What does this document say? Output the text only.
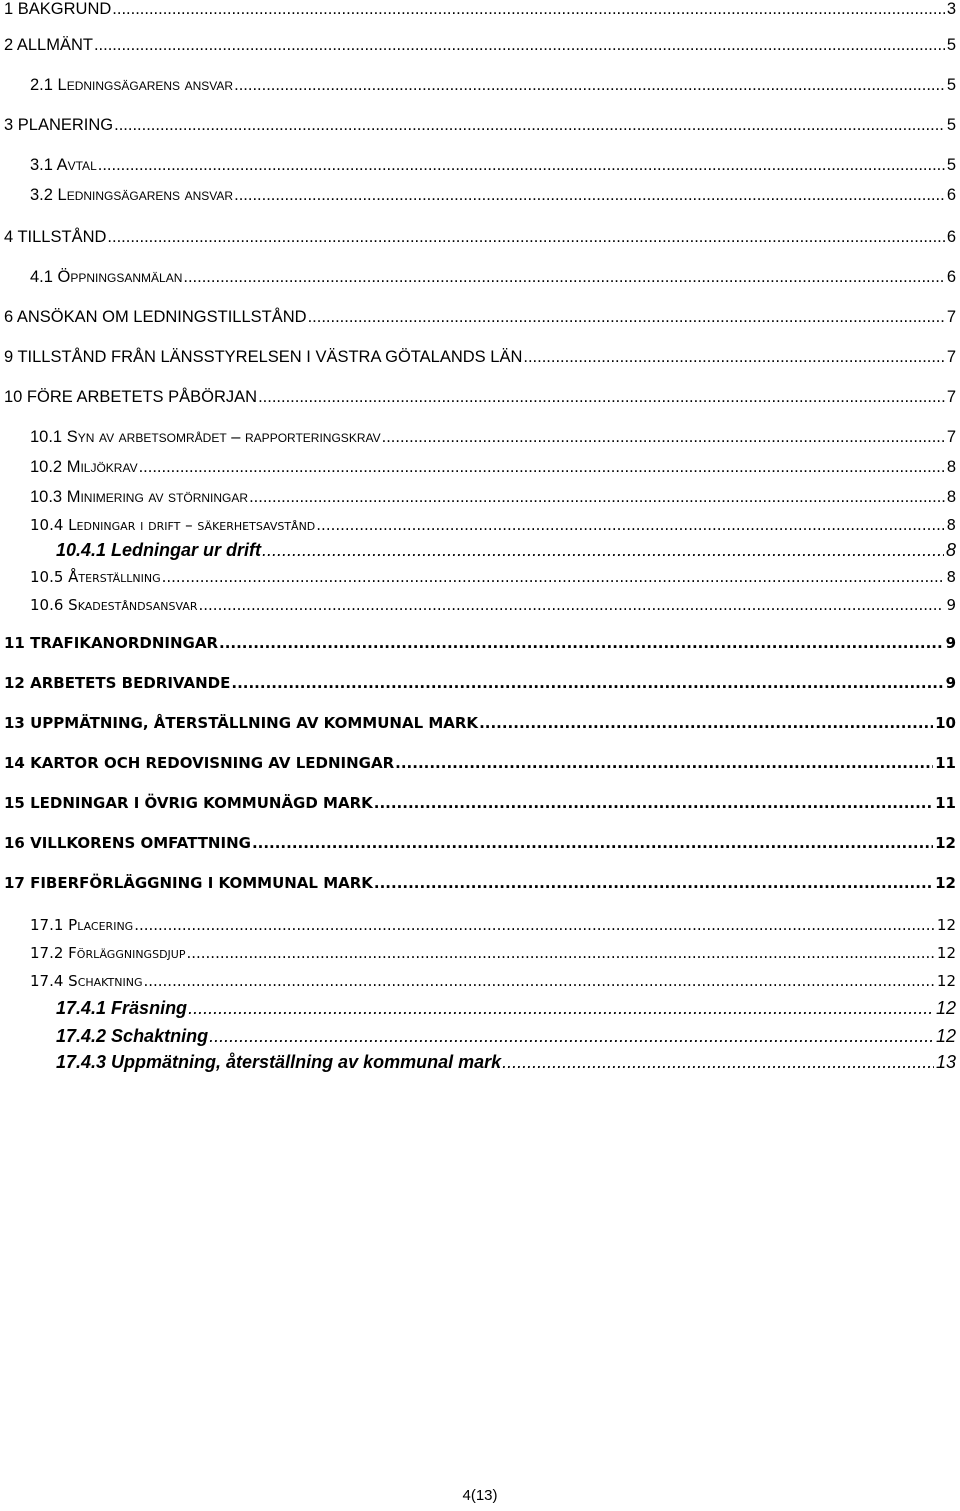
1 BAKGRUND .....	3
2 ALLMÄNT .....	5
2.1 Ledningsägarens ansvar .....	5
3 PLANERING .....	5
3.1 Avtal .....	5
3.2 Ledningsägarens ansvar .....	6
4 TILLSTÅND .....	6
4.1 Öppningsanmälan .....	6
6 ANSÖKAN OM LEDNINGSTILLSTÅND .....	7
9 TILLSTÅND FRÅN LÄNSSTYRELSEN I VÄSTRA GÖTALANDS LÄN .....	7
10 FÖRE ARBETETS PÅBÖRJAN .....	7
10.1 Syn av arbetsområdet – rapporteringskrav .....	7
10.2 Miljökrav .....	8
10.3 Minimering av störningar .....	8
10.4 Ledningar i drift – säkerhetsavstånd .....	8
10.4.1 Ledningar ur drift .....	8
10.5 Återställning .....	8
10.6 Skadeståndsansvar .....	9
11 TRAFIKANORDNINGAR .....	9
12 ARBETETS BEDRIVANDE .....	9
13 UPPMÄTNING, ÅTERSTÄLLNING AV KOMMUNAL MARK .....	10
14 KARTOR OCH REDOVISNING AV LEDNINGAR .....	11
15 LEDNINGAR I ÖVRIG KOMMUNÄGD MARK .....	11
16 VILLKORENS OMFATTNING .....	12
17 FIBERFÖRLÄGGNING I KOMMUNAL MARK .....	12
17.1 Placering .....	12
17.2 Förläggningsdjup .....	12
17.4 Schaktning .....	12
17.4.1 Fräsning .....	12
17.4.2 Schaktning .....	12
17.4.3 Uppmätning, återställning av kommunal mark .....	13
4(13)
